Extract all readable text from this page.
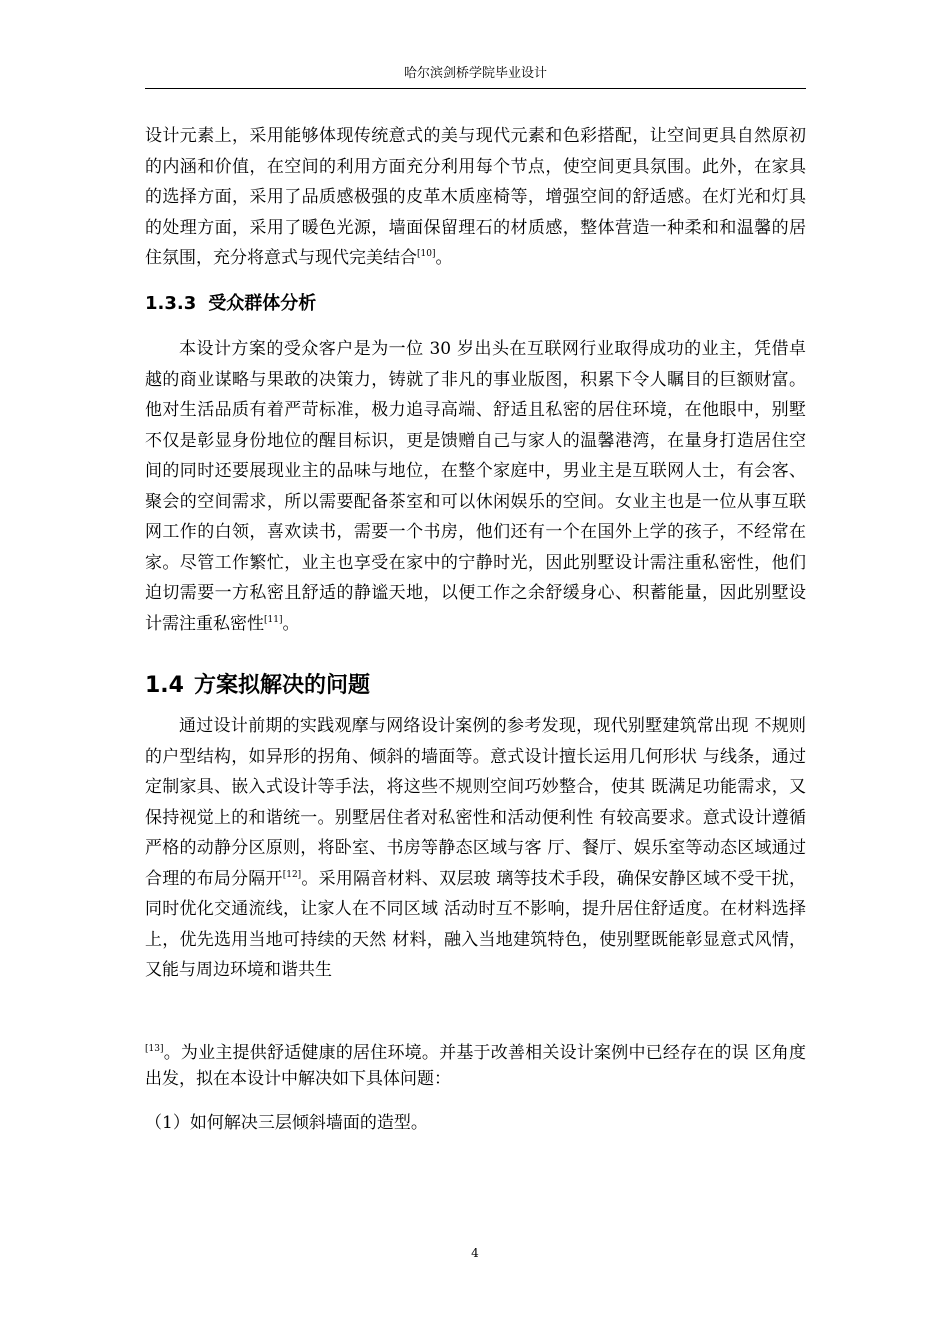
哈尔滨剑桥学院毕业设计

设计元素上，采用能够体现传统意式的美与现代元素和色彩搭配，让空间更具自然原初的内涵和价值，在空间的利用方面充分利用每个节点，使空间更具氛围。此外，在家具的选择方面，采用了品质感极强的皮革木质座椅等，增强空间的舒适感。在灯光和灯具的处理方面，采用了暖色光源，墙面保留理石的材质感，整体营造一种柔和和温馨的居住氛围，充分将意式与现代完美结合[10]。

1.3.3 受众群体分析

本设计方案的受众客户是为一位 30 岁出头在互联网行业取得成功的业主，凭借卓越的商业谋略与果敢的决策力，铸就了非凡的事业版图，积累下令人瞩目的巨额财富。他对生活品质有着严苛标准，极力追寻高端、舒适且私密的居住环境，在他眼中，别墅不仅是彰显身份地位的醒目标识，更是馈赠自己与家人的温馨港湾，在量身打造居住空间的同时还要展现业主的品味与地位，在整个家庭中，男业主是互联网人士，有会客、聚会的空间需求，所以需要配备茶室和可以休闲娱乐的空间。女业主也是一位从事互联网工作的白领，喜欢读书，需要一个书房，他们还有一个在国外上学的孩子，不经常在家。尽管工作繁忙，业主也享受在家中的宁静时光，因此别墅设计需注重私密性，他们迫切需要一方私密且舒适的静谧天地，以便工作之余舒缓身心、积蓄能量，因此别墅设计需注重私密性[11]。

1.4 方案拟解决的问题

通过设计前期的实践观摩与网络设计案例的参考发现，现代别墅建筑常出现 不规则的户型结构，如异形的拐角、倾斜的墙面等。意式设计擅长运用几何形状 与线条，通过定制家具、嵌入式设计等手法，将这些不规则空间巧妙整合，使其 既满足功能需求，又保持视觉上的和谐统一。别墅居住者对私密性和活动便利性 有较高要求。意式设计遵循严格的动静分区原则，将卧室、书房等静态区域与客 厅、餐厅、娱乐室等动态区域通过合理的布局分隔开[12]。采用隔音材料、双层玻 璃等技术手段，确保安静区域不受干扰，同时优化交通流线，让家人在不同区域 活动时互不影响，提升居住舒适度。在材料选择上，优先选用当地可持续的天然 材料，融入当地建筑特色，使别墅既能彰显意式风情，又能与周边环境和谐共生

[13]。为业主提供舒适健康的居住环境。并基于改善相关设计案例中已经存在的误 区角度出发，拟在本设计中解决如下具体问题：

（1）如何解决三层倾斜墙面的造型。

4
